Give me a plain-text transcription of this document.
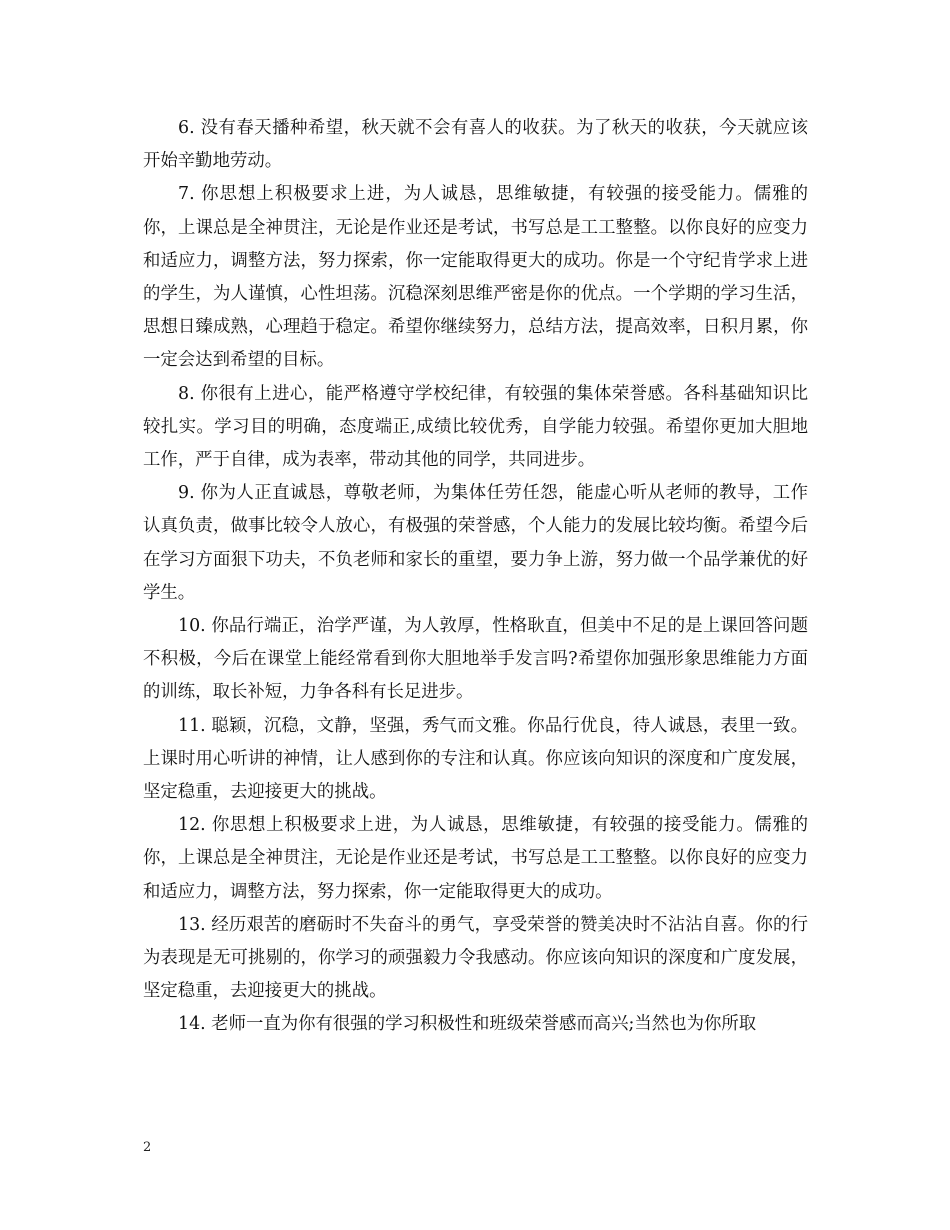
6. 没有春天播种希望，秋天就不会有喜人的收获。为了秋天的收获，今天就应该开始辛勤地劳动。

7. 你思想上积极要求上进，为人诚恳，思维敏捷，有较强的接受能力。儒雅的你，上课总是全神贯注，无论是作业还是考试，书写总是工工整整。以你良好的应变力和适应力，调整方法，努力探索，你一定能取得更大的成功。你是一个守纪肯学求上进的学生，为人谨慎，心性坦荡。沉稳深刻思维严密是你的优点。一个学期的学习生活，思想日臻成熟，心理趋于稳定。希望你继续努力，总结方法，提高效率，日积月累，你一定会达到希望的目标。

8. 你很有上进心，能严格遵守学校纪律，有较强的集体荣誉感。各科基础知识比较扎实。学习目的明确，态度端正,成绩比较优秀，自学能力较强。希望你更加大胆地工作，严于自律，成为表率，带动其他的同学，共同进步。

9. 你为人正直诚恳，尊敬老师，为集体任劳任怨，能虚心听从老师的教导，工作认真负责，做事比较令人放心，有极强的荣誉感，个人能力的发展比较均衡。希望今后在学习方面狠下功夫，不负老师和家长的重望，要力争上游，努力做一个品学兼优的好学生。

10. 你品行端正，治学严谨，为人敦厚，性格耿直，但美中不足的是上课回答问题不积极，今后在课堂上能经常看到你大胆地举手发言吗?希望你加强形象思维能力方面的训练，取长补短，力争各科有长足进步。

11. 聪颖，沉稳，文静，坚强，秀气而文雅。你品行优良，待人诚恳，表里一致。上课时用心听讲的神情，让人感到你的专注和认真。你应该向知识的深度和广度发展，坚定稳重，去迎接更大的挑战。

12. 你思想上积极要求上进，为人诚恳，思维敏捷，有较强的接受能力。儒雅的你，上课总是全神贯注，无论是作业还是考试，书写总是工工整整。以你良好的应变力和适应力，调整方法，努力探索，你一定能取得更大的成功。

13. 经历艰苦的磨砺时不失奋斗的勇气，享受荣誉的赞美决时不沾沾自喜。你的行为表现是无可挑剔的，你学习的顽强毅力令我感动。你应该向知识的深度和广度发展，坚定稳重，去迎接更大的挑战。

14. 老师一直为你有很强的学习积极性和班级荣誉感而高兴;当然也为你所取

2
